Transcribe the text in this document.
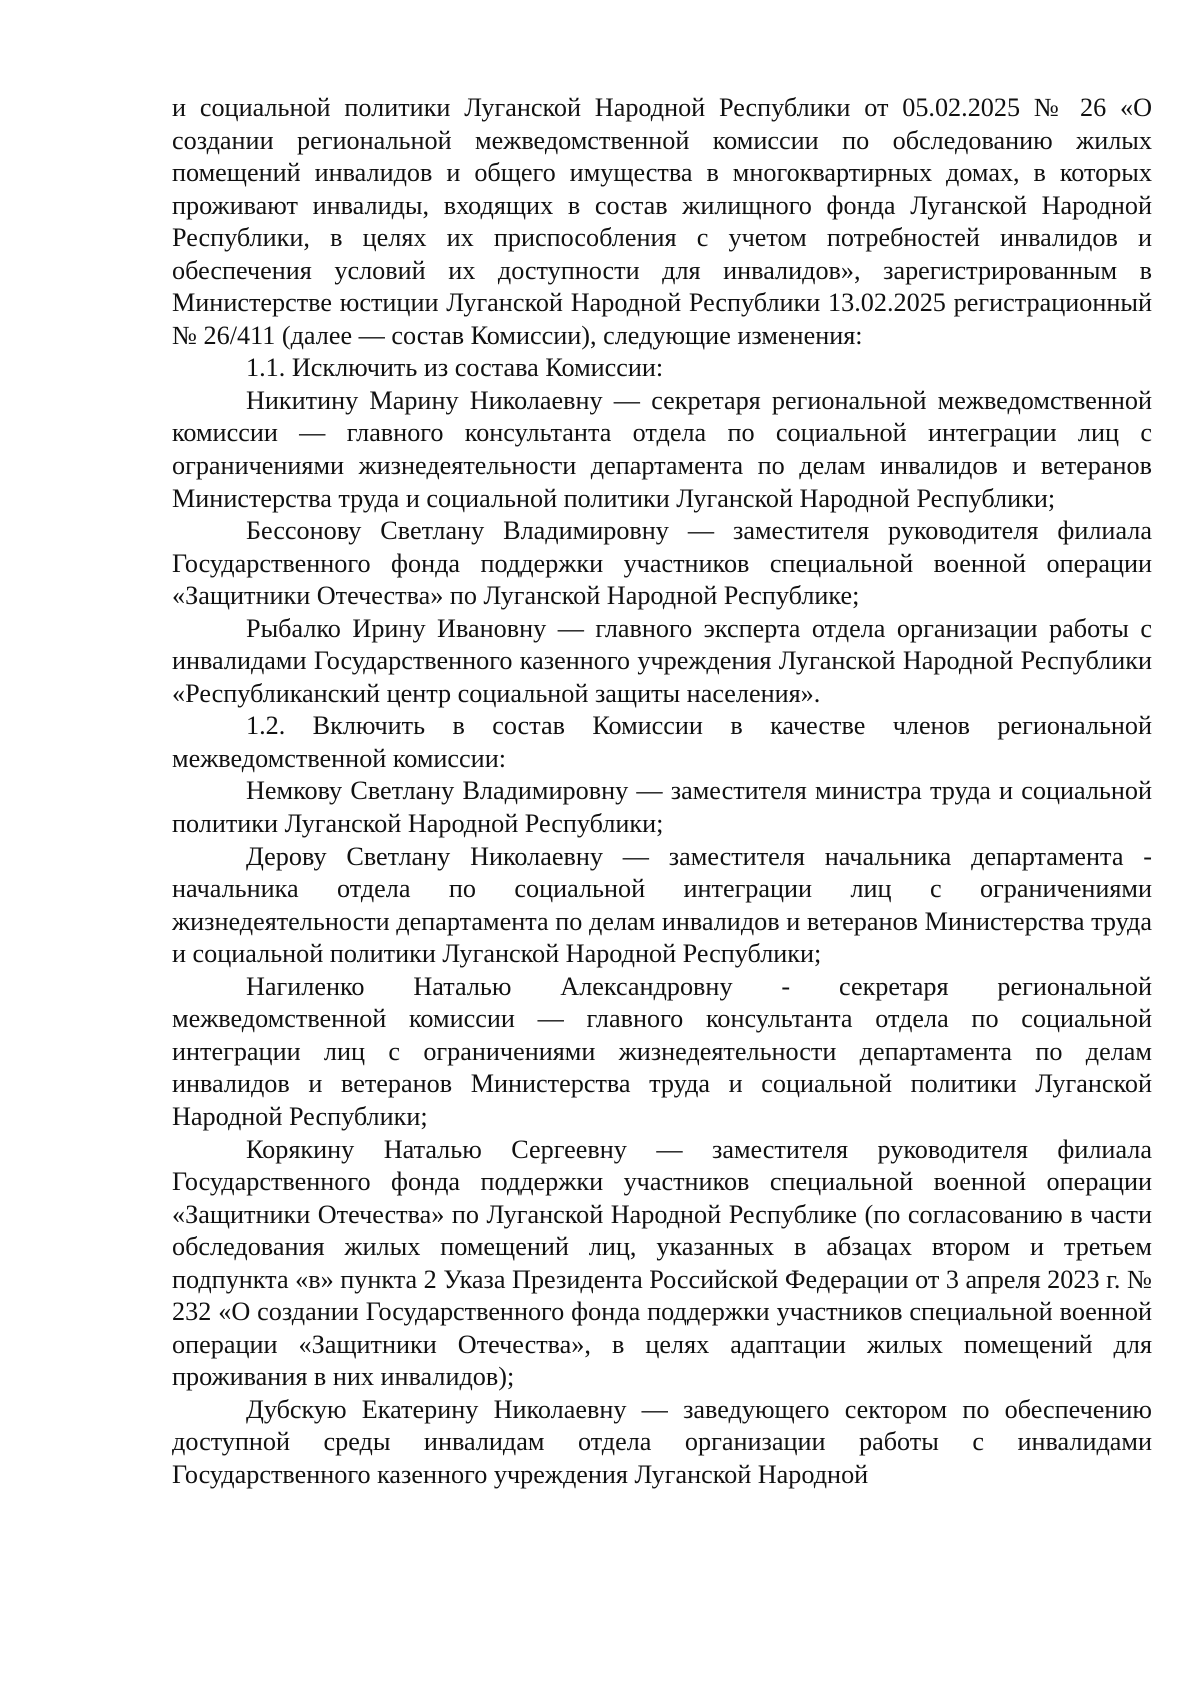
и социальной политики Луганской Народной Республики от 05.02.2025 № 26 «О создании региональной межведомственной комиссии по обследованию жилых помещений инвалидов и общего имущества в многоквартирных домах, в которых проживают инвалиды, входящих в состав жилищного фонда Луганской Народной Республики, в целях их приспособления с учетом потребностей инвалидов и обеспечения условий их доступности для инвалидов», зарегистрированным в Министерстве юстиции Луганской Народной Республики 13.02.2025 регистрационный № 26/411 (далее — состав Комиссии), следующие изменения:

1.1. Исключить из состава Комиссии:

Никитину Марину Николаевну — секретаря региональной межведомственной комиссии — главного консультанта отдела по социальной интеграции лиц с ограничениями жизнедеятельности департамента по делам инвалидов и ветеранов Министерства труда и социальной политики Луганской Народной Республики;

Бессонову Светлану Владимировну — заместителя руководителя филиала Государственного фонда поддержки участников специальной военной операции «Защитники Отечества» по Луганской Народной Республике;

Рыбалко Ирину Ивановну — главного эксперта отдела организации работы с инвалидами Государственного казенного учреждения Луганской Народной Республики «Республиканский центр социальной защиты населения».

1.2. Включить в состав Комиссии в качестве членов региональной межведомственной комиссии:

Немкову Светлану Владимировну — заместителя министра труда и социальной политики Луганской Народной Республики;

Дерову Светлану Николаевну — заместителя начальника департамента - начальника отдела по социальной интеграции лиц с ограничениями жизнедеятельности департамента по делам инвалидов и ветеранов Министерства труда и социальной политики Луганской Народной Республики;

Нагиленко Наталью Александровну - секретаря региональной межведомственной комиссии — главного консультанта отдела по социальной интеграции лиц с ограничениями жизнедеятельности департамента по делам инвалидов и ветеранов Министерства труда и социальной политики Луганской Народной Республики;

Корякину Наталью Сергеевну — заместителя руководителя филиала Государственного фонда поддержки участников специальной военной операции «Защитники Отечества» по Луганской Народной Республике (по согласованию в части обследования жилых помещений лиц, указанных в абзацах втором и третьем подпункта «в» пункта 2 Указа Президента Российской Федерации от 3 апреля 2023 г. № 232 «О создании Государственного фонда поддержки участников специальной военной операции «Защитники Отечества», в целях адаптации жилых помещений для проживания в них инвалидов);

Дубскую Екатерину Николаевну — заведующего сектором по обеспечению доступной среды инвалидам отдела организации работы с инвалидами Государственного казенного учреждения Луганской Народной
